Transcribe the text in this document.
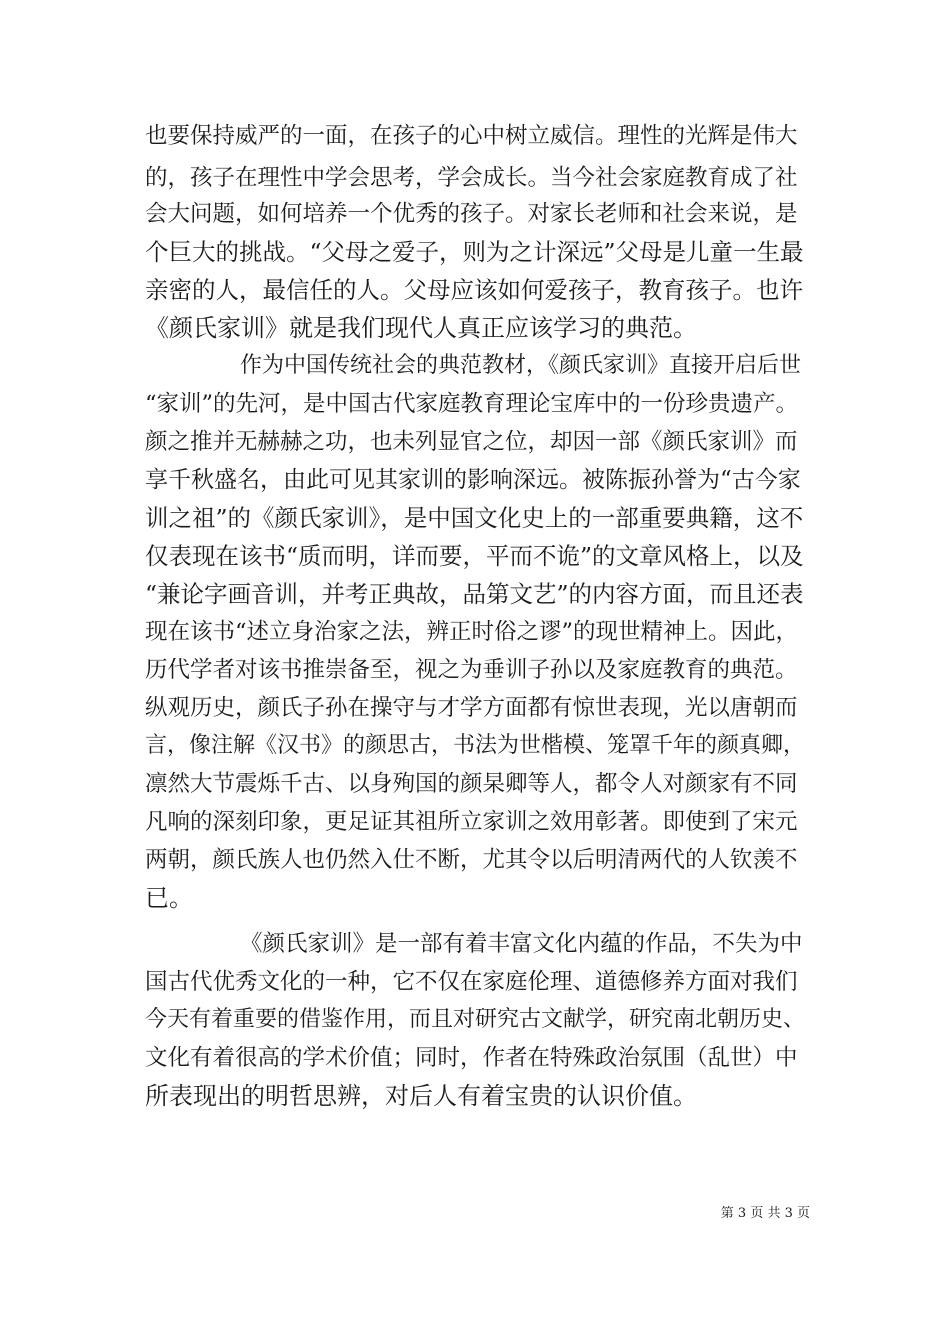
也要保持威严的一面，在孩子的心中树立威信。理性的光辉是伟大
的，孩子在理性中学会思考，学会成长。当今社会家庭教育成了社
会大问题，如何培养一个优秀的孩子。对家长老师和社会来说，是
个巨大的挑战。“父母之爱子，则为之计深远”父母是儿童一生最
亲密的人，最信任的人。父母应该如何爱孩子，教育孩子。也许
《颜氏家训》就是我们现代人真正应该学习的典范。
作为中国传统社会的典范教材，《颜氏家训》直接开启后世
“家训”的先河，是中国古代家庭教育理论宝库中的一份珍贵遗产。
颜之推并无赫赫之功，也未列显官之位，却因一部《颜氏家训》而
享千秋盛名，由此可见其家训的影响深远。被陈振孙誉为“古今家
训之祖”的《颜氏家训》，是中国文化史上的一部重要典籍，这不
仅表现在该书“质而明，详而要，平而不诡”的文章风格上，以及
“兼论字画音训，并考正典故，品第文艺”的内容方面，而且还表
现在该书“述立身治家之法，辨正时俗之谬”的现世精神上。因此，
历代学者对该书推崇备至，视之为垂训子孙以及家庭教育的典范。
纵观历史，颜氏子孙在操守与才学方面都有惊世表现，光以唐朝而
言，像注解《汉书》的颜思古，书法为世楷模、笼罩千年的颜真卿，
凛然大节震烁千古、以身殉国的颜杲卿等人，都令人对颜家有不同
凡响的深刻印象，更足证其祖所立家训之效用彰著。即使到了宋元
两朝，颜氏族人也仍然入仕不断，尤其令以后明清两代的人钦羡不
已。
《颜氏家训》是一部有着丰富文化内蕴的作品，不失为中
国古代优秀文化的一种，它不仅在家庭伦理、道德修养方面对我们
今天有着重要的借鉴作用，而且对研究古文献学，研究南北朝历史、
文化有着很高的学术价值；同时，作者在特殊政治氛围（乱世）中
所表现出的明哲思辨，对后人有着宝贵的认识价值。
第 3 页 共 3 页
